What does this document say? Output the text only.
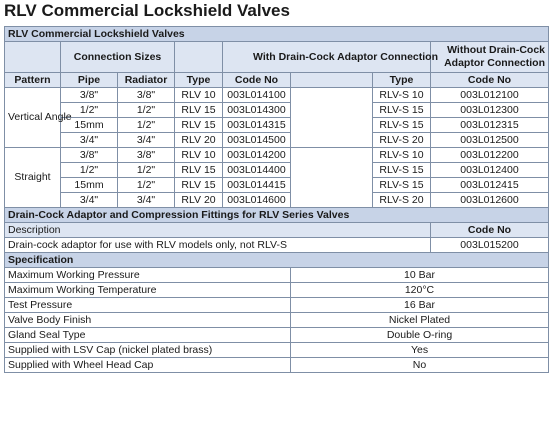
RLV Commercial Lockshield Valves
RLV Commercial Lockshield Valves							
	Connection Sizes			With Drain-Cock Adaptor Connection			Without Drain-Cock Adaptor Connection
Pattern	Pipe	Radiator	Type	Code No		Type	Code No
Vertical Angle	3/8"	3/8"	RLV 10	003L014100		RLV-S 10	003L012100
	1/2"	1/2"	RLV 15	003L014300		RLV-S 15	003L012300
	15mm	1/2"	RLV 15	003L014315		RLV-S 15	003L012315
	3/4"	3/4"	RLV 20	003L014500		RLV-S 20	003L012500
Straight	3/8"	3/8"	RLV 10	003L014200		RLV-S 10	003L012200
	1/2"	1/2"	RLV 15	003L014400		RLV-S 15	003L012400
	15mm	1/2"	RLV 15	003L014415		RLV-S 15	003L012415
	3/4"	3/4"	RLV 20	003L014600		RLV-S 20	003L012600
Drain-Cock Adaptor and Compression Fittings for RLV Series Valves							
Description							Code No
Drain-cock adaptor for use with RLV models only, not RLV-S							003L015200
Specification							
Maximum Working Pressure					10 Bar		
Maximum Working Temperature					120°C		
Test Pressure					16 Bar		
Valve Body Finish					Nickel Plated		
Gland Seal Type					Double O-ring		
Supplied with LSV Cap (nickel plated brass)					Yes		
Supplied with Wheel Head Cap					No		
